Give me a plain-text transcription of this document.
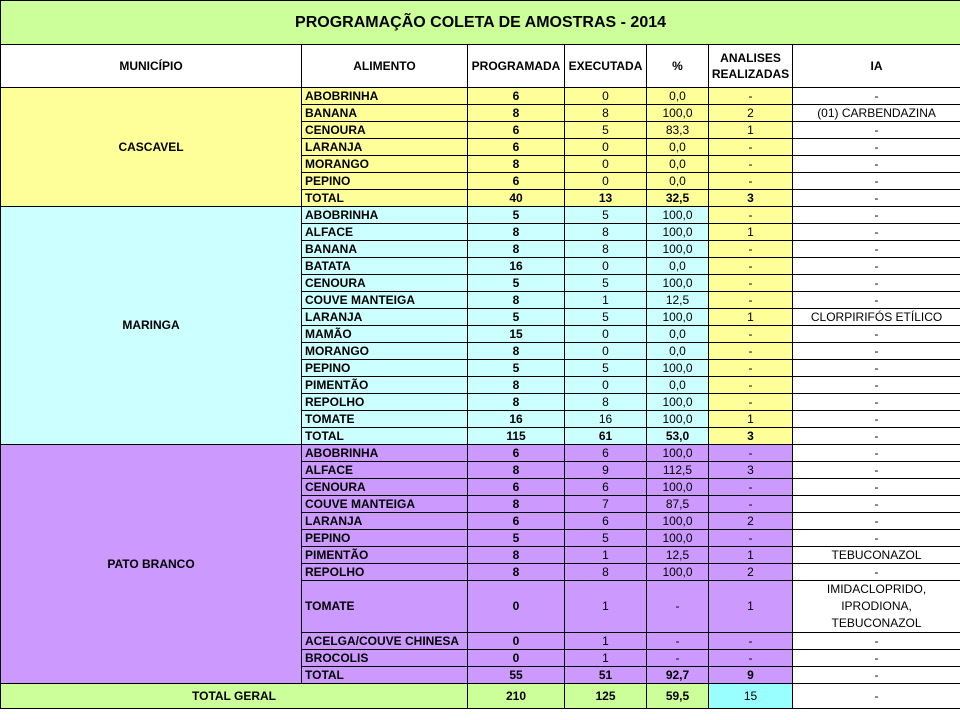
PROGRAMAÇÃO COLETA DE AMOSTRAS - 2014						
MUNICÍPIO	ALIMENTO	PROGRAMADA	EXECUTADA	%	ANALISES REALIZADAS	IA
CASCAVEL	ABOBRINHA	6	0	0,0	-	-
	BANANA	8	8	100,0	2	(01) CARBENDAZINA
	CENOURA	6	5	83,3	1	-
	LARANJA	6	0	0,0	-	-
	MORANGO	8	0	0,0	-	-
	PEPINO	6	0	0,0	-	-
	TOTAL	40	13	32,5	3	-
MARINGA	ABOBRINHA	5	5	100,0	-	-
	ALFACE	8	8	100,0	1	-
	BANANA	8	8	100,0	-	-
	BATATA	16	0	0,0	-	-
	CENOURA	5	5	100,0	-	-
	COUVE MANTEIGA	8	1	12,5	-	-
	LARANJA	5	5	100,0	1	CLORPIRIFÓS ETÍLICO
	MAMÃO	15	0	0,0	-	-
	MORANGO	8	0	0,0	-	-
	PEPINO	5	5	100,0	-	-
	PIMENTÃO	8	0	0,0	-	-
	REPOLHO	8	8	100,0	-	-
	TOMATE	16	16	100,0	1	-
	TOTAL	115	61	53,0	3	-
PATO BRANCO	ABOBRINHA	6	6	100,0	-	-
	ALFACE	8	9	112,5	3	-
	CENOURA	6	6	100,0	-	-
	COUVE MANTEIGA	8	7	87,5	-	-
	LARANJA	6	6	100,0	2	-
	PEPINO	5	5	100,0	-	-
	PIMENTÃO	8	1	12,5	1	TEBUCONAZOL
	REPOLHO	8	8	100,0	2	-
	TOMATE	0	1	-	1	IMIDACLOPRIDO, IPRODIONA, TEBUCONAZOL
	ACELGA/COUVE CHINESA	0	1	-	-	-
	BROCOLIS	0	1	-	-	-
	TOTAL	55	51	92,7	9	-
TOTAL GERAL		210	125	59,5	15	-
